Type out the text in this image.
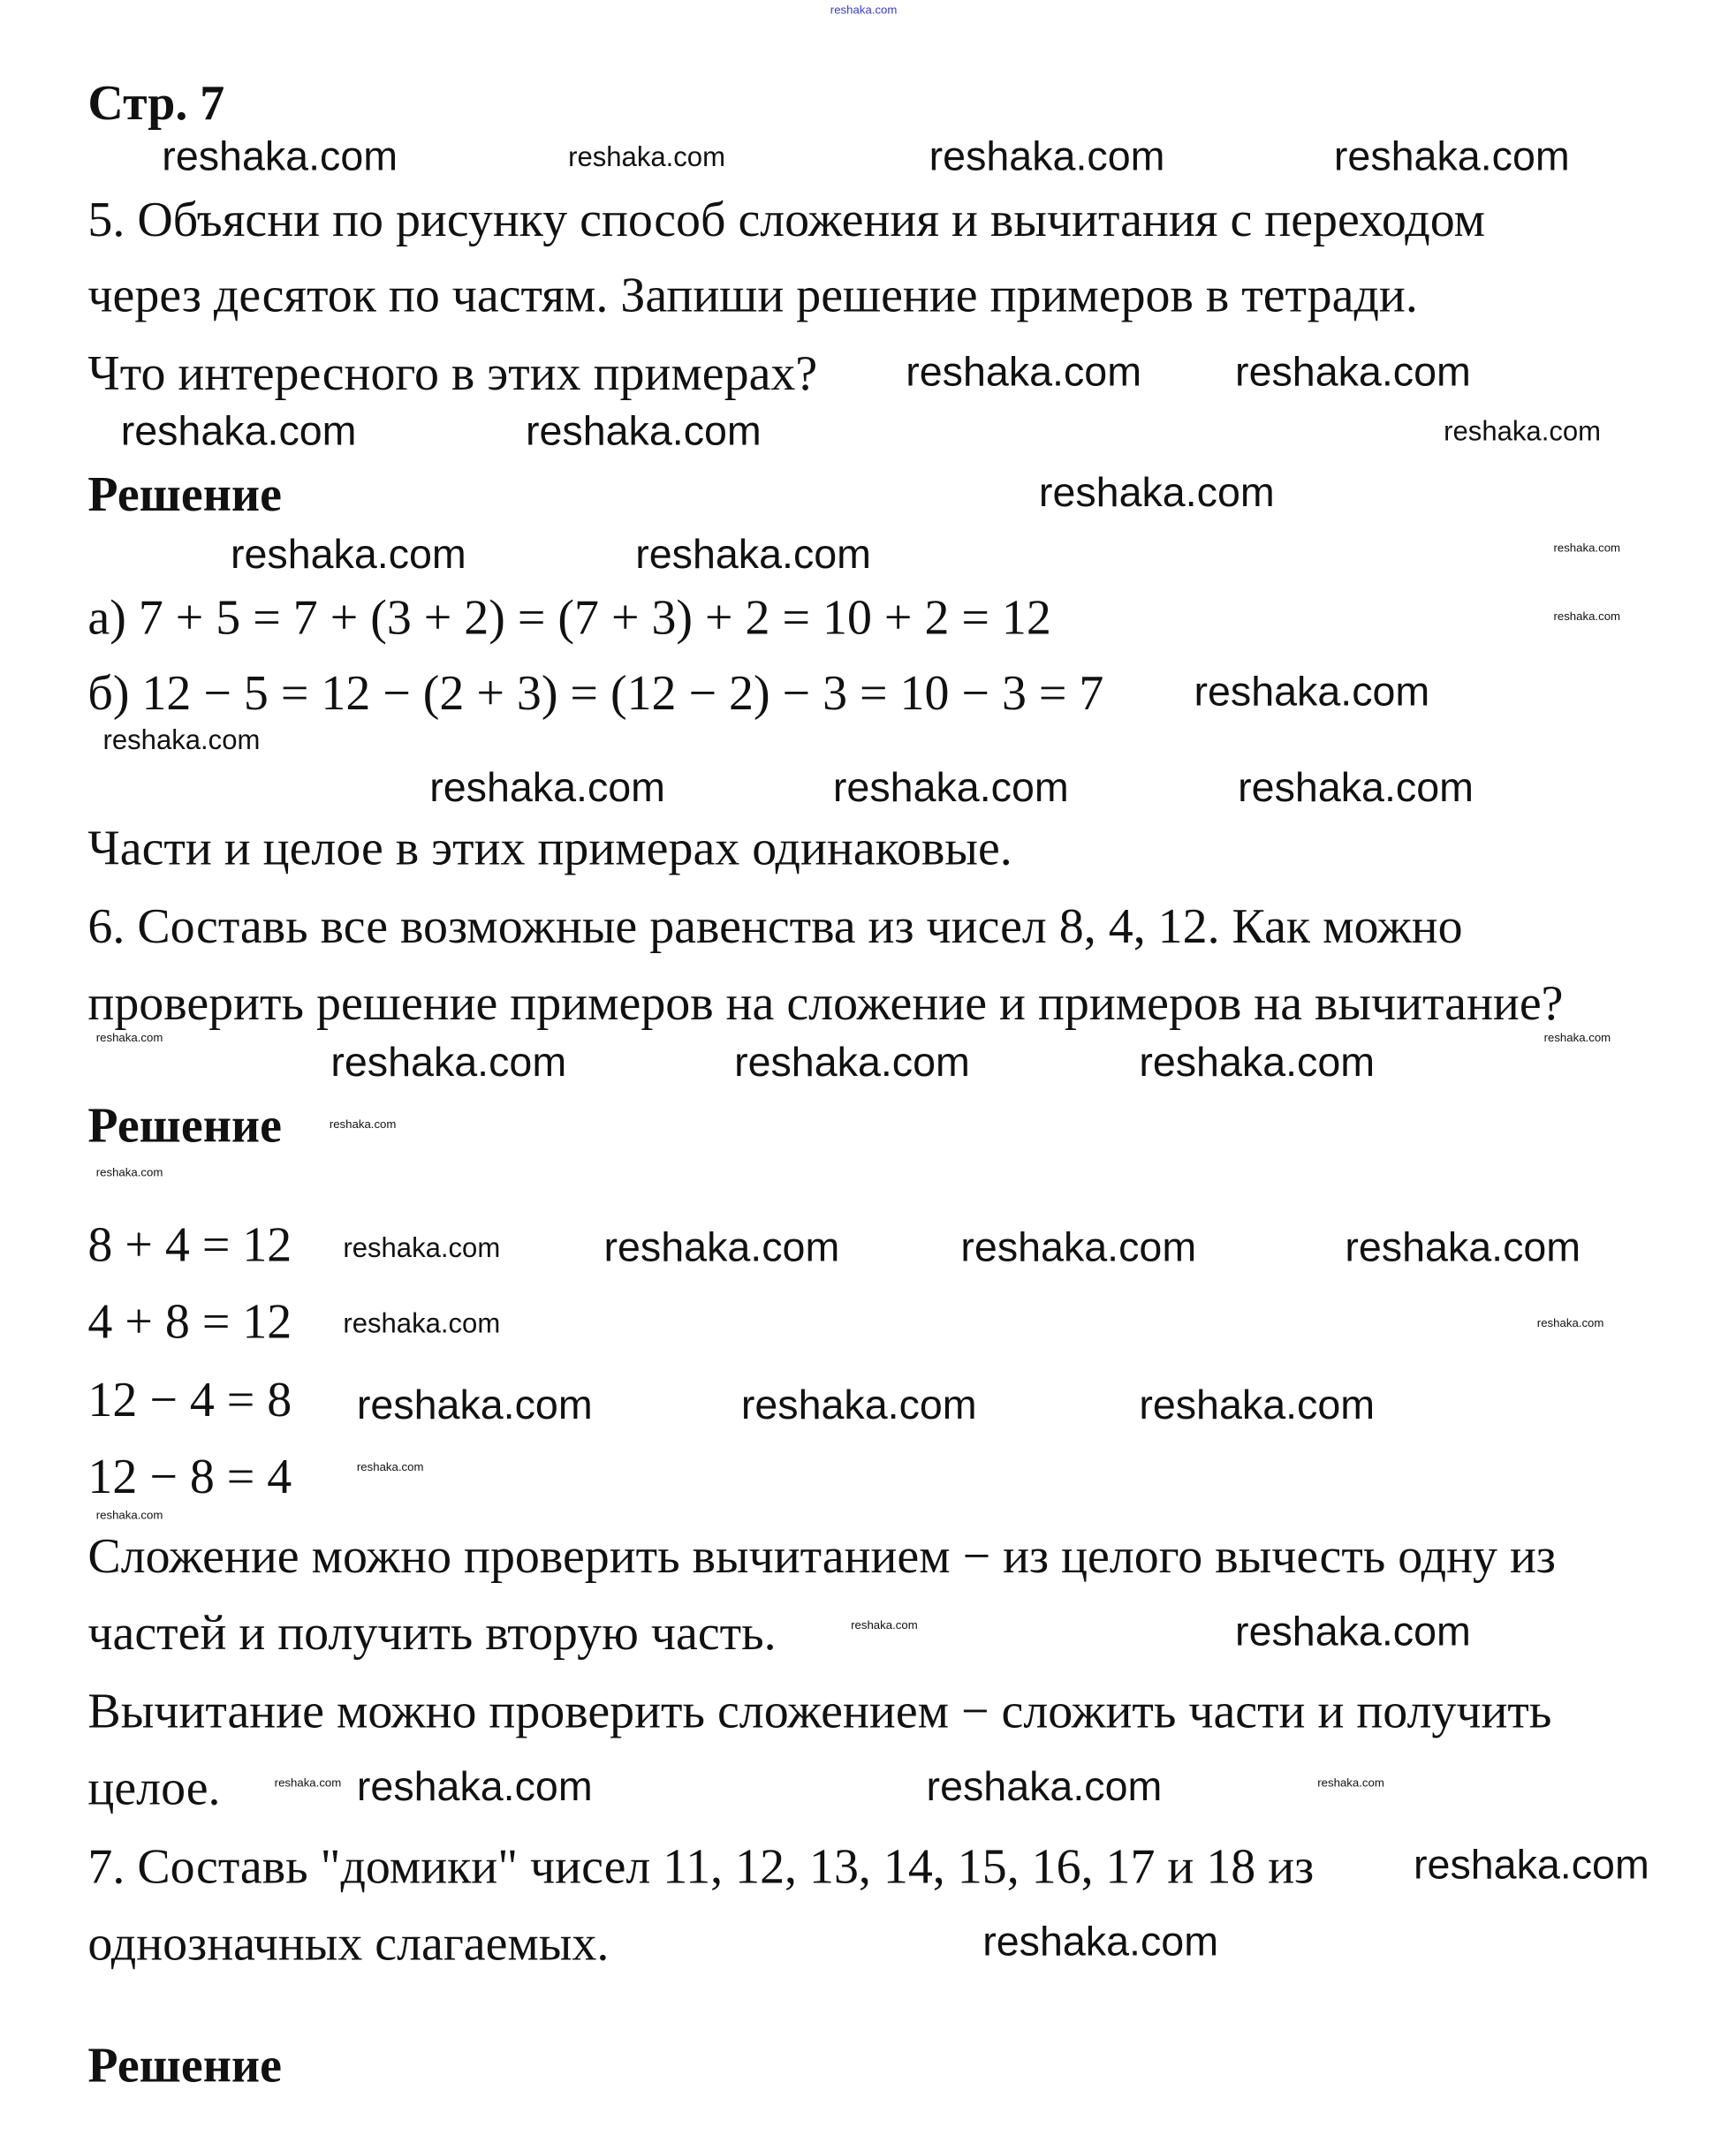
Стр. 7
5. Объясни по рисунку способ сложения и вычитания с переходом
через десяток по частям. Запиши решение примеров в тетради.
Что интересного в этих примерах?
Решение
а) 7 + 5 = 7 + (3 + 2) = (7 + 3) + 2 = 10 + 2 = 12
б) 12 − 5 = 12 − (2 + 3) = (12 − 2) − 3 = 10 − 3 = 7
Части и целое в этих примерах одинаковые.
6. Составь все возможные равенства из чисел 8, 4, 12. Как можно
проверить решение примеров на сложение и примеров на вычитание?
Решение
8 + 4 = 12
4 + 8 = 12
12 − 4 = 8
12 − 8 = 4
Сложение можно проверить вычитанием − из целого вычесть одну из
частей и получить вторую часть.
Вычитание можно проверить сложением − сложить части и получить
целое.
7. Составь "домики" чисел 11, 12, 13, 14, 15, 16, 17 и 18 из
однозначных слагаемых.
Решение
reshaka.com
reshaka.com	reshaka.com	reshaka.com	reshaka.com
reshaka.com	reshaka.com
reshaka.com	reshaka.com	reshaka.com
reshaka.com
reshaka.com	reshaka.com	reshaka.com
reshaka.com
reshaka.com
reshaka.com
reshaka.com	reshaka.com	reshaka.com
reshaka.com	reshaka.com
reshaka.com	reshaka.com	reshaka.com
reshaka.com
reshaka.com
reshaka.com	reshaka.com	reshaka.com	reshaka.com
reshaka.com	reshaka.com
reshaka.com	reshaka.com	reshaka.com
reshaka.com
reshaka.com
reshaka.com	reshaka.com
reshaka.com reshaka.com	reshaka.com	reshaka.com
reshaka.com
reshaka.com
